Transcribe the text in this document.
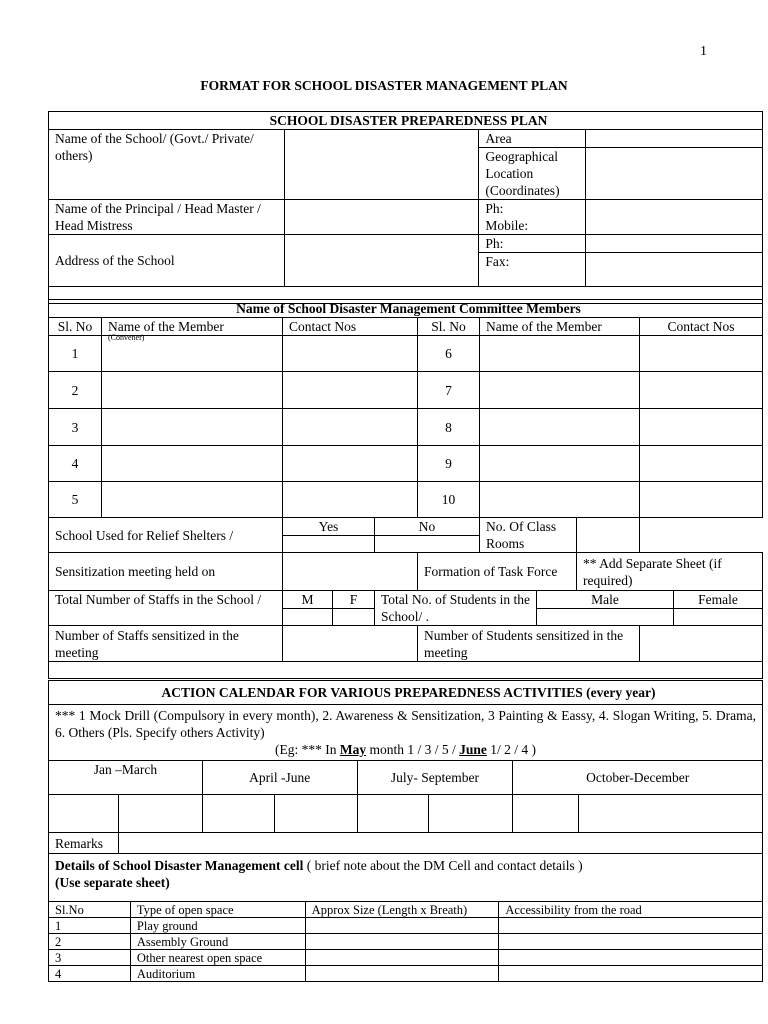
1
FORMAT FOR SCHOOL DISASTER MANAGEMENT PLAN
SCHOOL DISASTER PREPAREDNESS PLAN			
Name of the School/ (Govt./ Private/ others)		Area	
		Geographical Location (Coordinates)	

Name of the Principal / Head Master / Head Mistress		Ph:
Mobile:	
Address of the School		Ph:	
		Fax:	

Name of School Disaster Management Committee Members										
Sl. No	Name of the Member	Contact Nos			Sl. No	Name of the Member			Contact Nos	
1	(Convener)				6					
2					7					
3					8					
4					9					
5					10					
School Used for Relief Shelters /		Yes		No		No. Of Class Rooms				

Sensitization meeting held on					Formation of Task Force			** Add Separate Sheet (if required)		
Total Number of Staffs in the School /		M	F	Total No. of Students in the School/ .			Male			Female

Number of Staffs sensitized in the meeting					Number of Students sensitized in the meeting					

ACTION CALENDAR FOR VARIOUS PREPAREDNESS ACTIVITIES (every year)							

*** 1 Mock Drill (Compulsory in every month), 2. Awareness & Sensitization, 3 Painting & Eassy, 4. Slogan Writing, 5. Drama, 6. Others (Pls. Specify others Activity)
(Eg: *** In May month 1 / 3 / 5 / June 1/ 2 / 4 )							

Jan –March		April -June		July- September		October-December	

Remarks							
Details of School Disaster Management cell ( brief note about the DM Cell and contact details )
(Use separate sheet)							
Sl.No	Type of open space	Approx Size (Length x Breath)	Accessibility from the road
1	Play ground		
2	Assembly Ground		
3	Other nearest open space		
4	Auditorium		
